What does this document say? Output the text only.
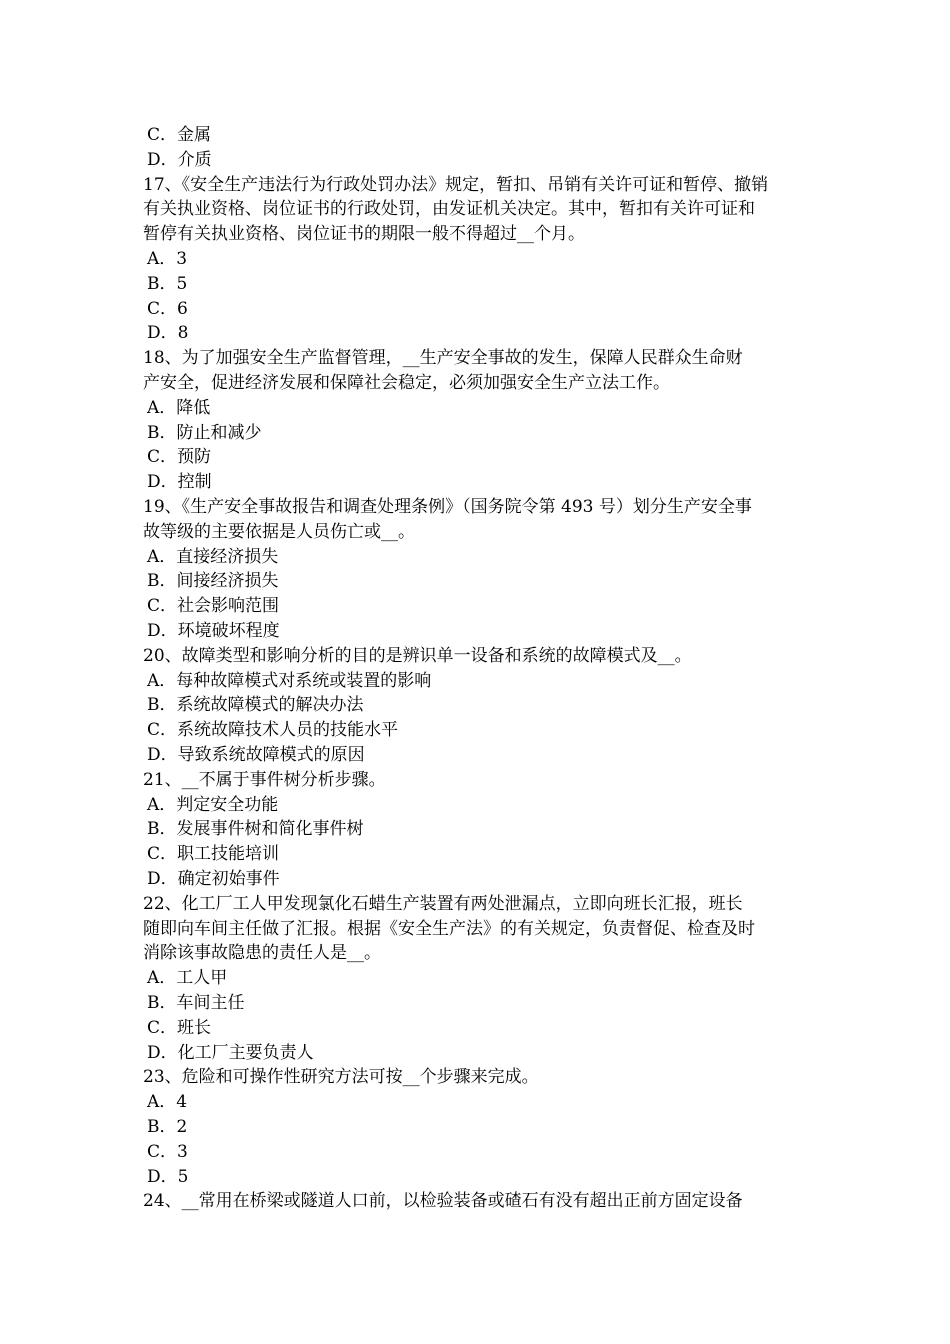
C．金属
D．介质
17、《安全生产违法行为行政处罚办法》规定，暂扣、吊销有关许可证和暂停、撤销
有关执业资格、岗位证书的行政处罚，由发证机关决定。其中，暂扣有关许可证和
暂停有关执业资格、岗位证书的期限一般不得超过__个月。
A．3
B．5
C．6
D．8
18、为了加强安全生产监督管理，__生产安全事故的发生，保障人民群众生命财
产安全，促进经济发展和保障社会稳定，必须加强安全生产立法工作。
A．降低
B．防止和减少
C．预防
D．控制
19、《生产安全事故报告和调查处理条例》（国务院令第 493 号）划分生产安全事
故等级的主要依据是人员伤亡或__。
A．直接经济损失
B．间接经济损失
C．社会影响范围
D．环境破坏程度
20、故障类型和影响分析的目的是辨识单一设备和系统的故障模式及__。
A．每种故障模式对系统或装置的影响
B．系统故障模式的解决办法
C．系统故障技术人员的技能水平
D．导致系统故障模式的原因
21、__不属于事件树分析步骤。
A．判定安全功能
B．发展事件树和简化事件树
C．职工技能培训
D．确定初始事件
22、化工厂工人甲发现氯化石蜡生产装置有两处泄漏点，立即向班长汇报，班长
随即向车间主任做了汇报。根据《安全生产法》的有关规定，负责督促、检查及时
消除该事故隐患的责任人是__。
A．工人甲
B．车间主任
C．班长
D．化工厂主要负责人
23、危险和可操作性研究方法可按__个步骤来完成。
A．4
B．2
C．3
D．5
24、__常用在桥梁或隧道人口前，以检验装备或碴石有没有超出正前方固定设备
